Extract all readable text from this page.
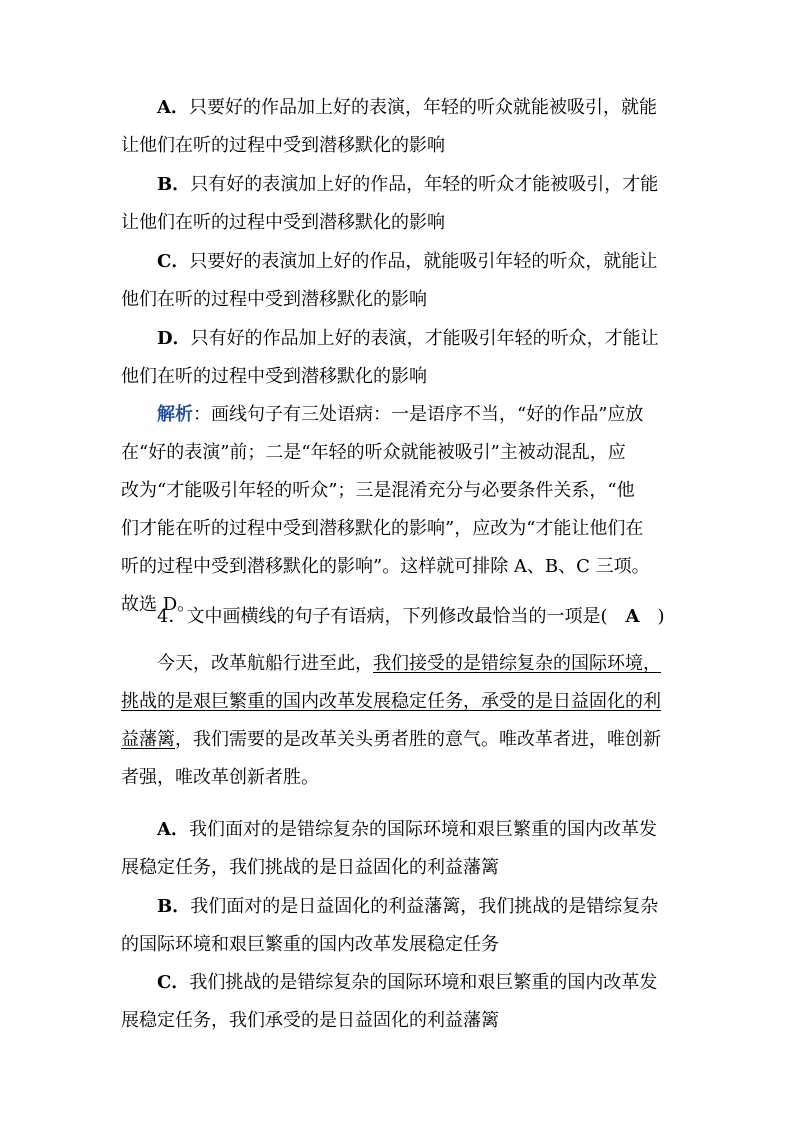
A．只要好的作品加上好的表演，年轻的听众就能被吸引，就能
让他们在听的过程中受到潜移默化的影响
B．只有好的表演加上好的作品，年轻的听众才能被吸引，才能
让他们在听的过程中受到潜移默化的影响
C．只要好的表演加上好的作品，就能吸引年轻的听众，就能让
他们在听的过程中受到潜移默化的影响
D．只有好的作品加上好的表演，才能吸引年轻的听众，才能让
他们在听的过程中受到潜移默化的影响
解析：画线句子有三处语病：一是语序不当，“好的作品”应放
在“好的表演”前；二是“年轻的听众就能被吸引”主被动混乱，应
改为“才能吸引年轻的听众”；三是混淆充分与必要条件关系，“他
们才能在听的过程中受到潜移默化的影响”，应改为“才能让他们在
听的过程中受到潜移默化的影响”。这样就可排除 A、B、C 三项。
故选 D。
4．文中画横线的句子有语病，下列修改最恰当的一项是(  A  )
今天，改革航船行进至此，我们接受的是错综复杂的国际环境，
挑战的是艰巨繁重的国内改革发展稳定任务，承受的是日益固化的利
益藩篱，我们需要的是改革关头勇者胜的意气。唯改革者进，唯创新
者强，唯改革创新者胜。
A．我们面对的是错综复杂的国际环境和艰巨繁重的国内改革发
展稳定任务，我们挑战的是日益固化的利益藩篱
B．我们面对的是日益固化的利益藩篱，我们挑战的是错综复杂
的国际环境和艰巨繁重的国内改革发展稳定任务
C．我们挑战的是错综复杂的国际环境和艰巨繁重的国内改革发
展稳定任务，我们承受的是日益固化的利益藩篱
